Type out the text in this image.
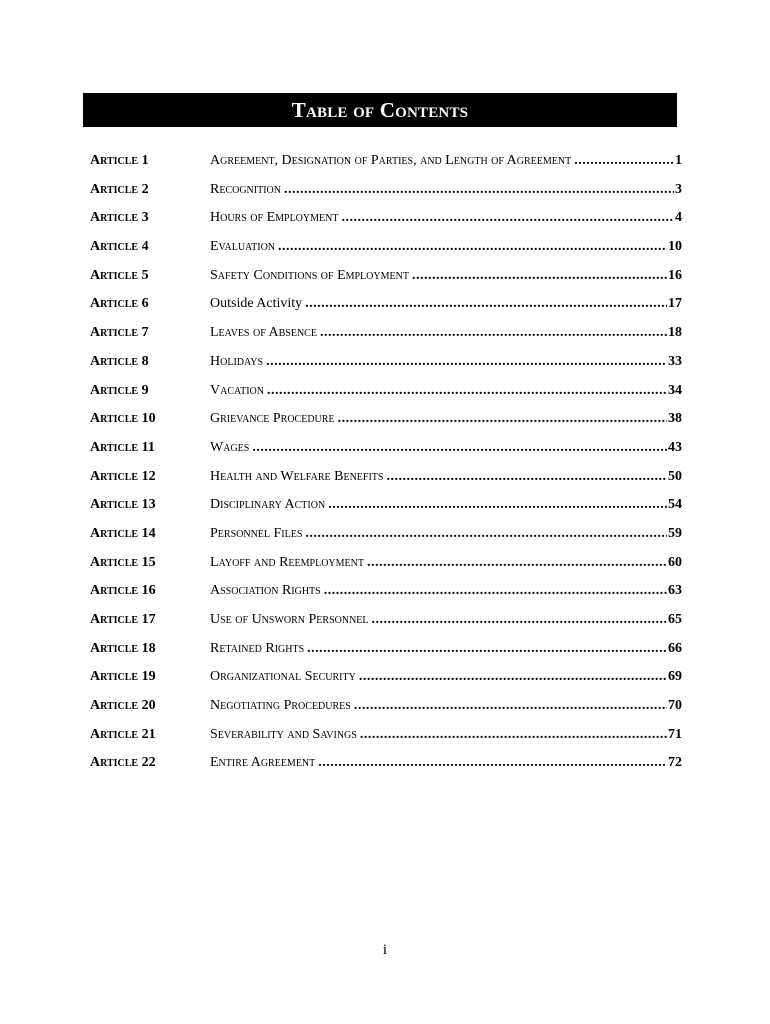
Table of Contents
Article 1	Agreement, Designation of Parties, and Length of Agreement .....	1
Article 2	Recognition .....	3
Article 3	Hours of Employment .....	4
Article 4	Evaluation .....	10
Article 5	Safety Conditions of Employment .....	16
Article 6	Outside Activity .....	17
Article 7	Leaves of Absence .....	18
Article 8	Holidays .....	33
Article 9	Vacation .....	34
Article 10	Grievance Procedure .....	38
Article 11	Wages .....	43
Article 12	Health and Welfare Benefits .....	50
Article 13	Disciplinary Action .....	54
Article 14	Personnel Files .....	59
Article 15	Layoff and Reemployment .....	60
Article 16	Association Rights .....	63
Article 17	Use of Unsworn Personnel .....	65
Article 18	Retained Rights .....	66
Article 19	Organizational Security .....	69
Article 20	Negotiating Procedures .....	70
Article 21	Severability and Savings .....	71
Article 22	Entire Agreement .....	72
i
